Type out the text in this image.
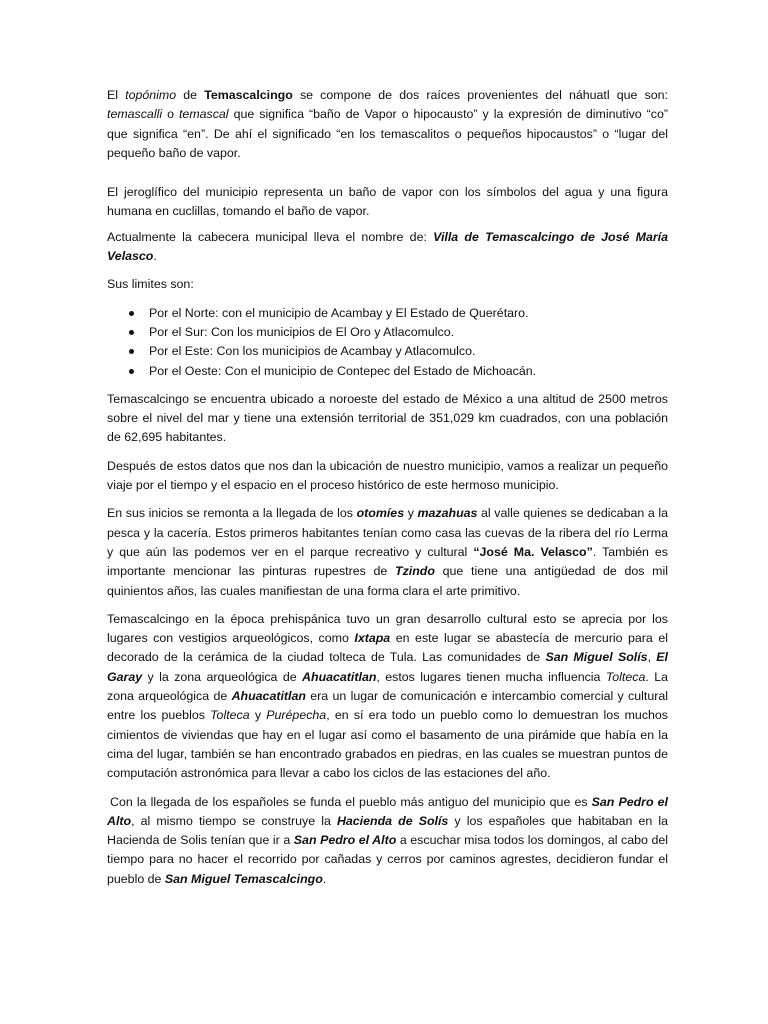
El topónimo de Temascalcingo se compone de dos raíces provenientes del náhuatl que son: temascalli o temascal que significa “baño de Vapor o hipocausto” y la expresión de diminutivo “co” que significa “en”. De ahí el significado “en los temascalitos o pequeños hipocaustos” o “lugar del pequeño baño de vapor.

El jeroglífico del municipio representa un baño de vapor con los símbolos del agua y una figura humana en cuclillas, tomando el baño de vapor.

Actualmente la cabecera municipal lleva el nombre de: Villa de Temascalcingo de José María Velasco.

Sus limites son:

Por el Norte: con el municipio de Acambay y El Estado de Querétaro.
Por el Sur: Con los municipios de El Oro y Atlacomulco.
Por el Este: Con los municipios de Acambay y Atlacomulco.
Por el Oeste: Con el municipio de Contepec del Estado de Michoacán.

Temascalcingo se encuentra ubicado a noroeste del estado de México a una altitud de 2500 metros sobre el nivel del mar y tiene una extensión territorial de 351,029 km cuadrados, con una población de 62,695 habitantes.

Después de estos datos que nos dan la ubicación de nuestro municipio, vamos a realizar un pequeño viaje por el tiempo y el espacio en el proceso histórico de este hermoso municipio.

En sus inicios se remonta a la llegada de los otomíes y mazahuas al valle quienes se dedicaban a la pesca y la cacería. Estos primeros habitantes tenían como casa las cuevas de la ribera del río Lerma y que aún las podemos ver en el parque recreativo y cultural “José Ma. Velasco”. También es importante mencionar las pinturas rupestres de Tzindo que tiene una antigüedad de dos mil quinientos años, las cuales manifiestan de una forma clara el arte primitivo.

Temascalcingo en la época prehispánica tuvo un gran desarrollo cultural esto se aprecia por los lugares con vestigios arqueológicos, como Ixtapa en este lugar se abastecía de mercurio para el decorado de la cerámica de la ciudad tolteca de Tula. Las comunidades de San Miguel Solís, El Garay y la zona arqueológica de Ahuacatitlan, estos lugares tienen mucha influencia Tolteca. La zona arqueológica de Ahuacatitlan era un lugar de comunicación e intercambio comercial y cultural entre los pueblos Tolteca y Purépecha, en sí era todo un pueblo como lo demuestran los muchos cimientos de viviendas que hay en el lugar así como el basamento de una pirámide que había en la cima del lugar, también se han encontrado grabados en piedras, en las cuales se muestran puntos de computación astronómica para llevar a cabo los ciclos de las estaciones del año.

Con la llegada de los españoles se funda el pueblo más antiguo del municipio que es San Pedro el Alto, al mismo tiempo se construye la Hacienda de Solís y los españoles que habitaban en la Hacienda de Solis tenían que ir a San Pedro el Alto a escuchar misa todos los domingos, al cabo del tiempo para no hacer el recorrido por cañadas y cerros por caminos agrestes, decidieron fundar el pueblo de San Miguel Temascalcingo.
